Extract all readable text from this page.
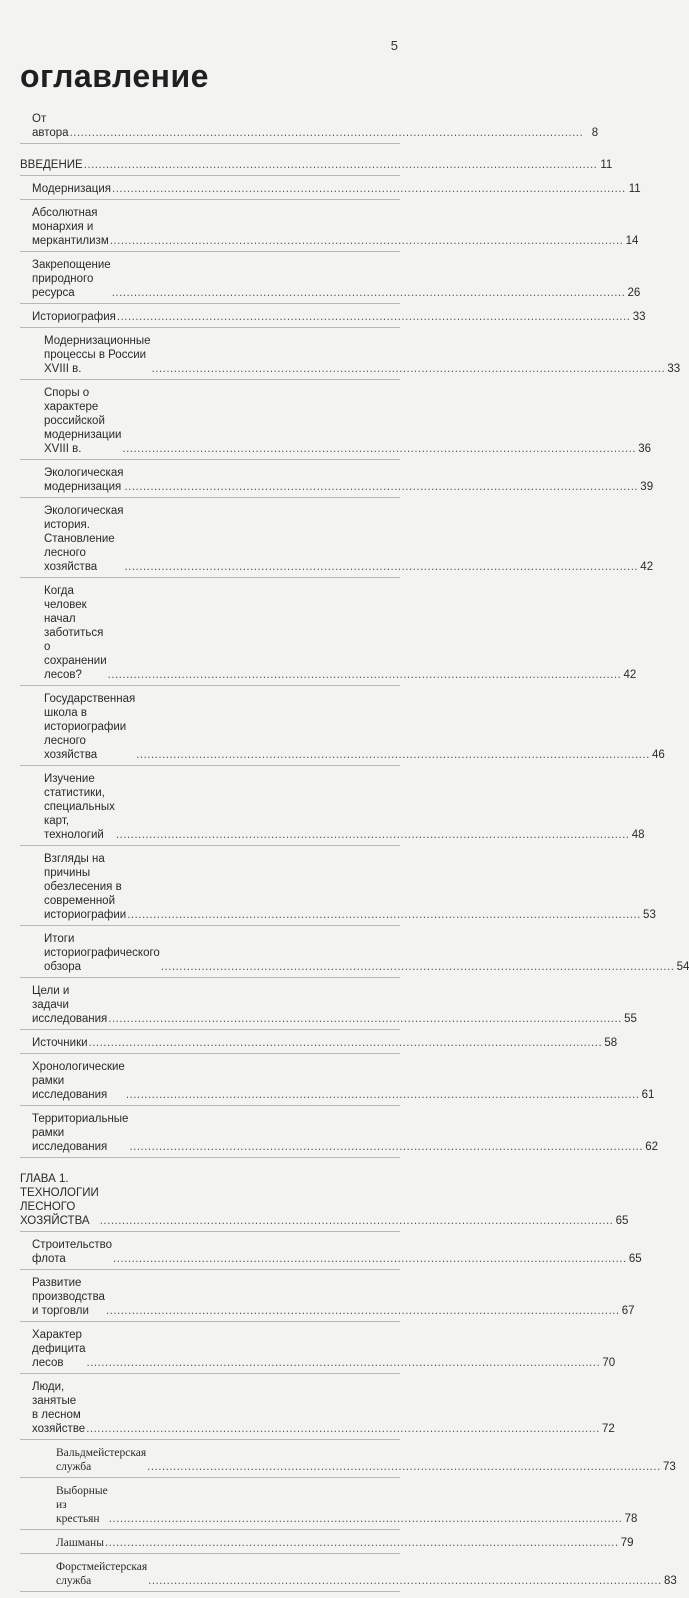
5
оглавление
От автора ........................................................................................................................................... 8
ВВЕДЕНИЕ ........................................................................................................................................... 11
Модернизация ........................................................................................................................................... 11
Абсолютная монархия и меркантилизм ........................................................................................................................................... 14
Закрепощение природного ресурса	........................................................................................................................................... 26
Историография ........................................................................................................................................... 33
Модернизационные процессы в России XVIII в.	........................................................................................................................................... 33
Споры о характере российской модернизации XVIII в.	........................................................................................................................................... 36
Экологическая модернизация ........................................................................................................................................... 39
Экологическая история. Становление лесного хозяйства	........................................................................................................................................... 42
Когда человек начал заботиться о сохранении лесов?	........................................................................................................................................... 42
Государственная школа в историографии лесного хозяйства	........................................................................................................................................... 46
Изучение статистики, специальных карт, технологий	........................................................................................................................................... 48
Взгляды на причины обезлесения в современной историографии ........................................................................................................................................... 53
Итоги историографического обзора	........................................................................................................................................... 54
Цели и задачи исследования ........................................................................................................................................... 55
Источники ........................................................................................................................................... 58
Хронологические рамки исследования	........................................................................................................................................... 61
Территориальные рамки исследования	........................................................................................................................................... 62
ГЛАВА 1. ТЕХНОЛОГИИ ЛЕСНОГО ХОЗЯЙСТВА ........................................................................................................................................... 65
Строительство флота	........................................................................................................................................... 65
Развитие производства и торговли	........................................................................................................................................... 67
Характер дефицита лесов	........................................................................................................................................... 70
Люди, занятые в лесном хозяйстве ........................................................................................................................................... 72
Вальдмейстерская служба	........................................................................................................................................... 73
Выборные из крестьян ........................................................................................................................................... 78
Лашманы ........................................................................................................................................... 79
Форстмейстерская служба	........................................................................................................................................... 83
